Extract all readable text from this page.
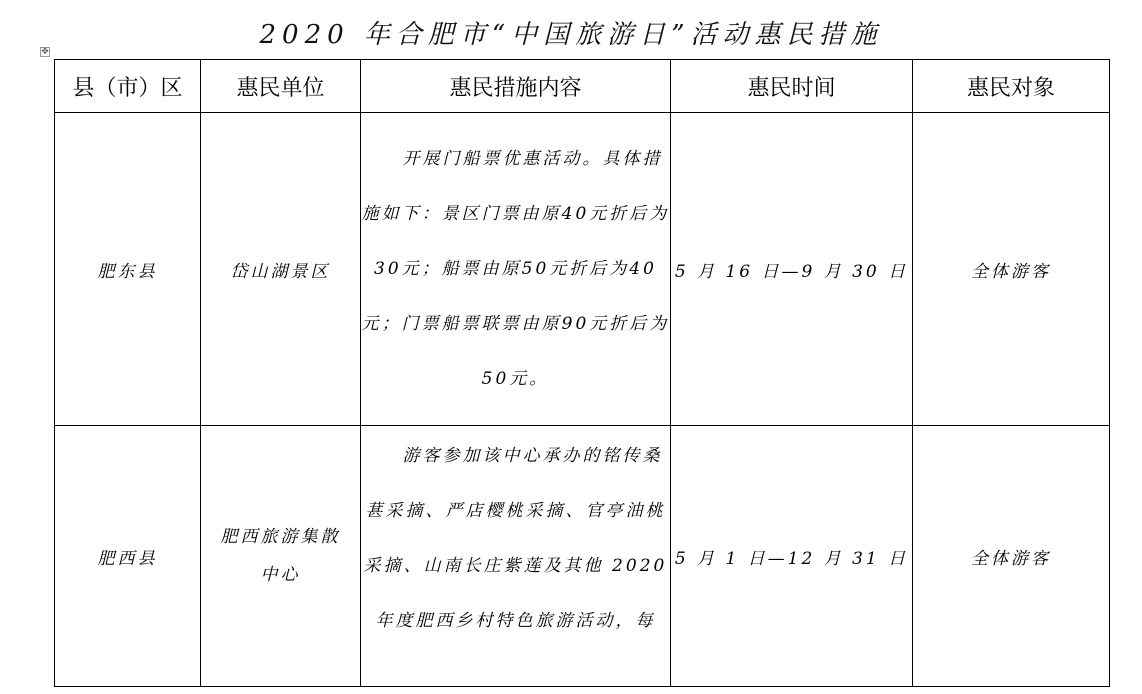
2020 年合肥市“中国旅游日”活动惠民措施
✥
县（市）区	惠民单位	惠民措施内容	惠民时间	惠民对象
肥东县	岱山湖景区	开展门船票优惠活动。具体措施如下：景区门票由原40元折后为30元；船票由原50元折后为40元；门票船票联票由原90元折后为50元。	5 月 16 日—9 月 30 日	全体游客
肥西县	肥西旅游集散中心	游客参加该中心承办的铭传桑葚采摘、严店樱桃采摘、官亭油桃采摘、山南长庄紫莲及其他 2020 年度肥西乡村特色旅游活动，每	5 月 1 日—12 月 31 日	全体游客
